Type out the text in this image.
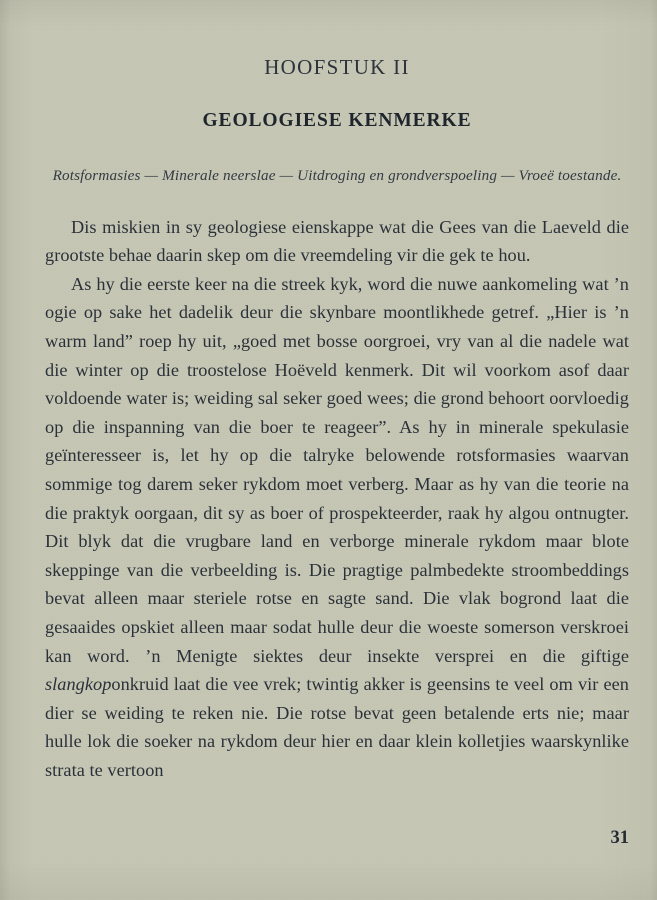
HOOFSTUK II
GEOLOGIESE KENMERKE
Rotsformasies — Minerale neerslae — Uitdroging en grondverspoeling — Vroeë toestande.

Dis miskien in sy geologiese eienskappe wat die Gees van die Laeveld die grootste behae daarin skep om die vreemdeling vir die gek te hou.

As hy die eerste keer na die streek kyk, word die nuwe aankomeling wat ’n ogie op sake het dadelik deur die skynbare moontlikhede getref. „Hier is ’n warm land” roep hy uit, „goed met bosse oorgroei, vry van al die nadele wat die winter op die troostelose Hoëveld kenmerk. Dit wil voorkom asof daar voldoende water is; weiding sal seker goed wees; die grond behoort oorvloedig op die inspanning van die boer te reageer”. As hy in minerale spekulasie geïnteresseer is, let hy op die talryke belowende rotsformasies waarvan sommige tog darem seker rykdom moet verberg. Maar as hy van die teorie na die praktyk oorgaan, dit sy as boer of prospekteerder, raak hy algou ontnugter. Dit blyk dat die vrugbare land en verborge minerale rykdom maar blote skeppinge van die verbeelding is. Die pragtige palmbedekte stroombeddings bevat alleen maar steriele rotse en sagte sand. Die vlak bogrond laat die gesaaides opskiet alleen maar sodat hulle deur die woeste somerson verskroei kan word. ’n Menigte siektes deur insekte versprei en die giftige slangkoponkruid laat die vee vrek; twintig akker is geensins te veel om vir een dier se weiding te reken nie. Die rotse bevat geen betalende erts nie; maar hulle lok die soeker na rykdom deur hier en daar klein kolletjies waarskynlike strata te vertoon

31
